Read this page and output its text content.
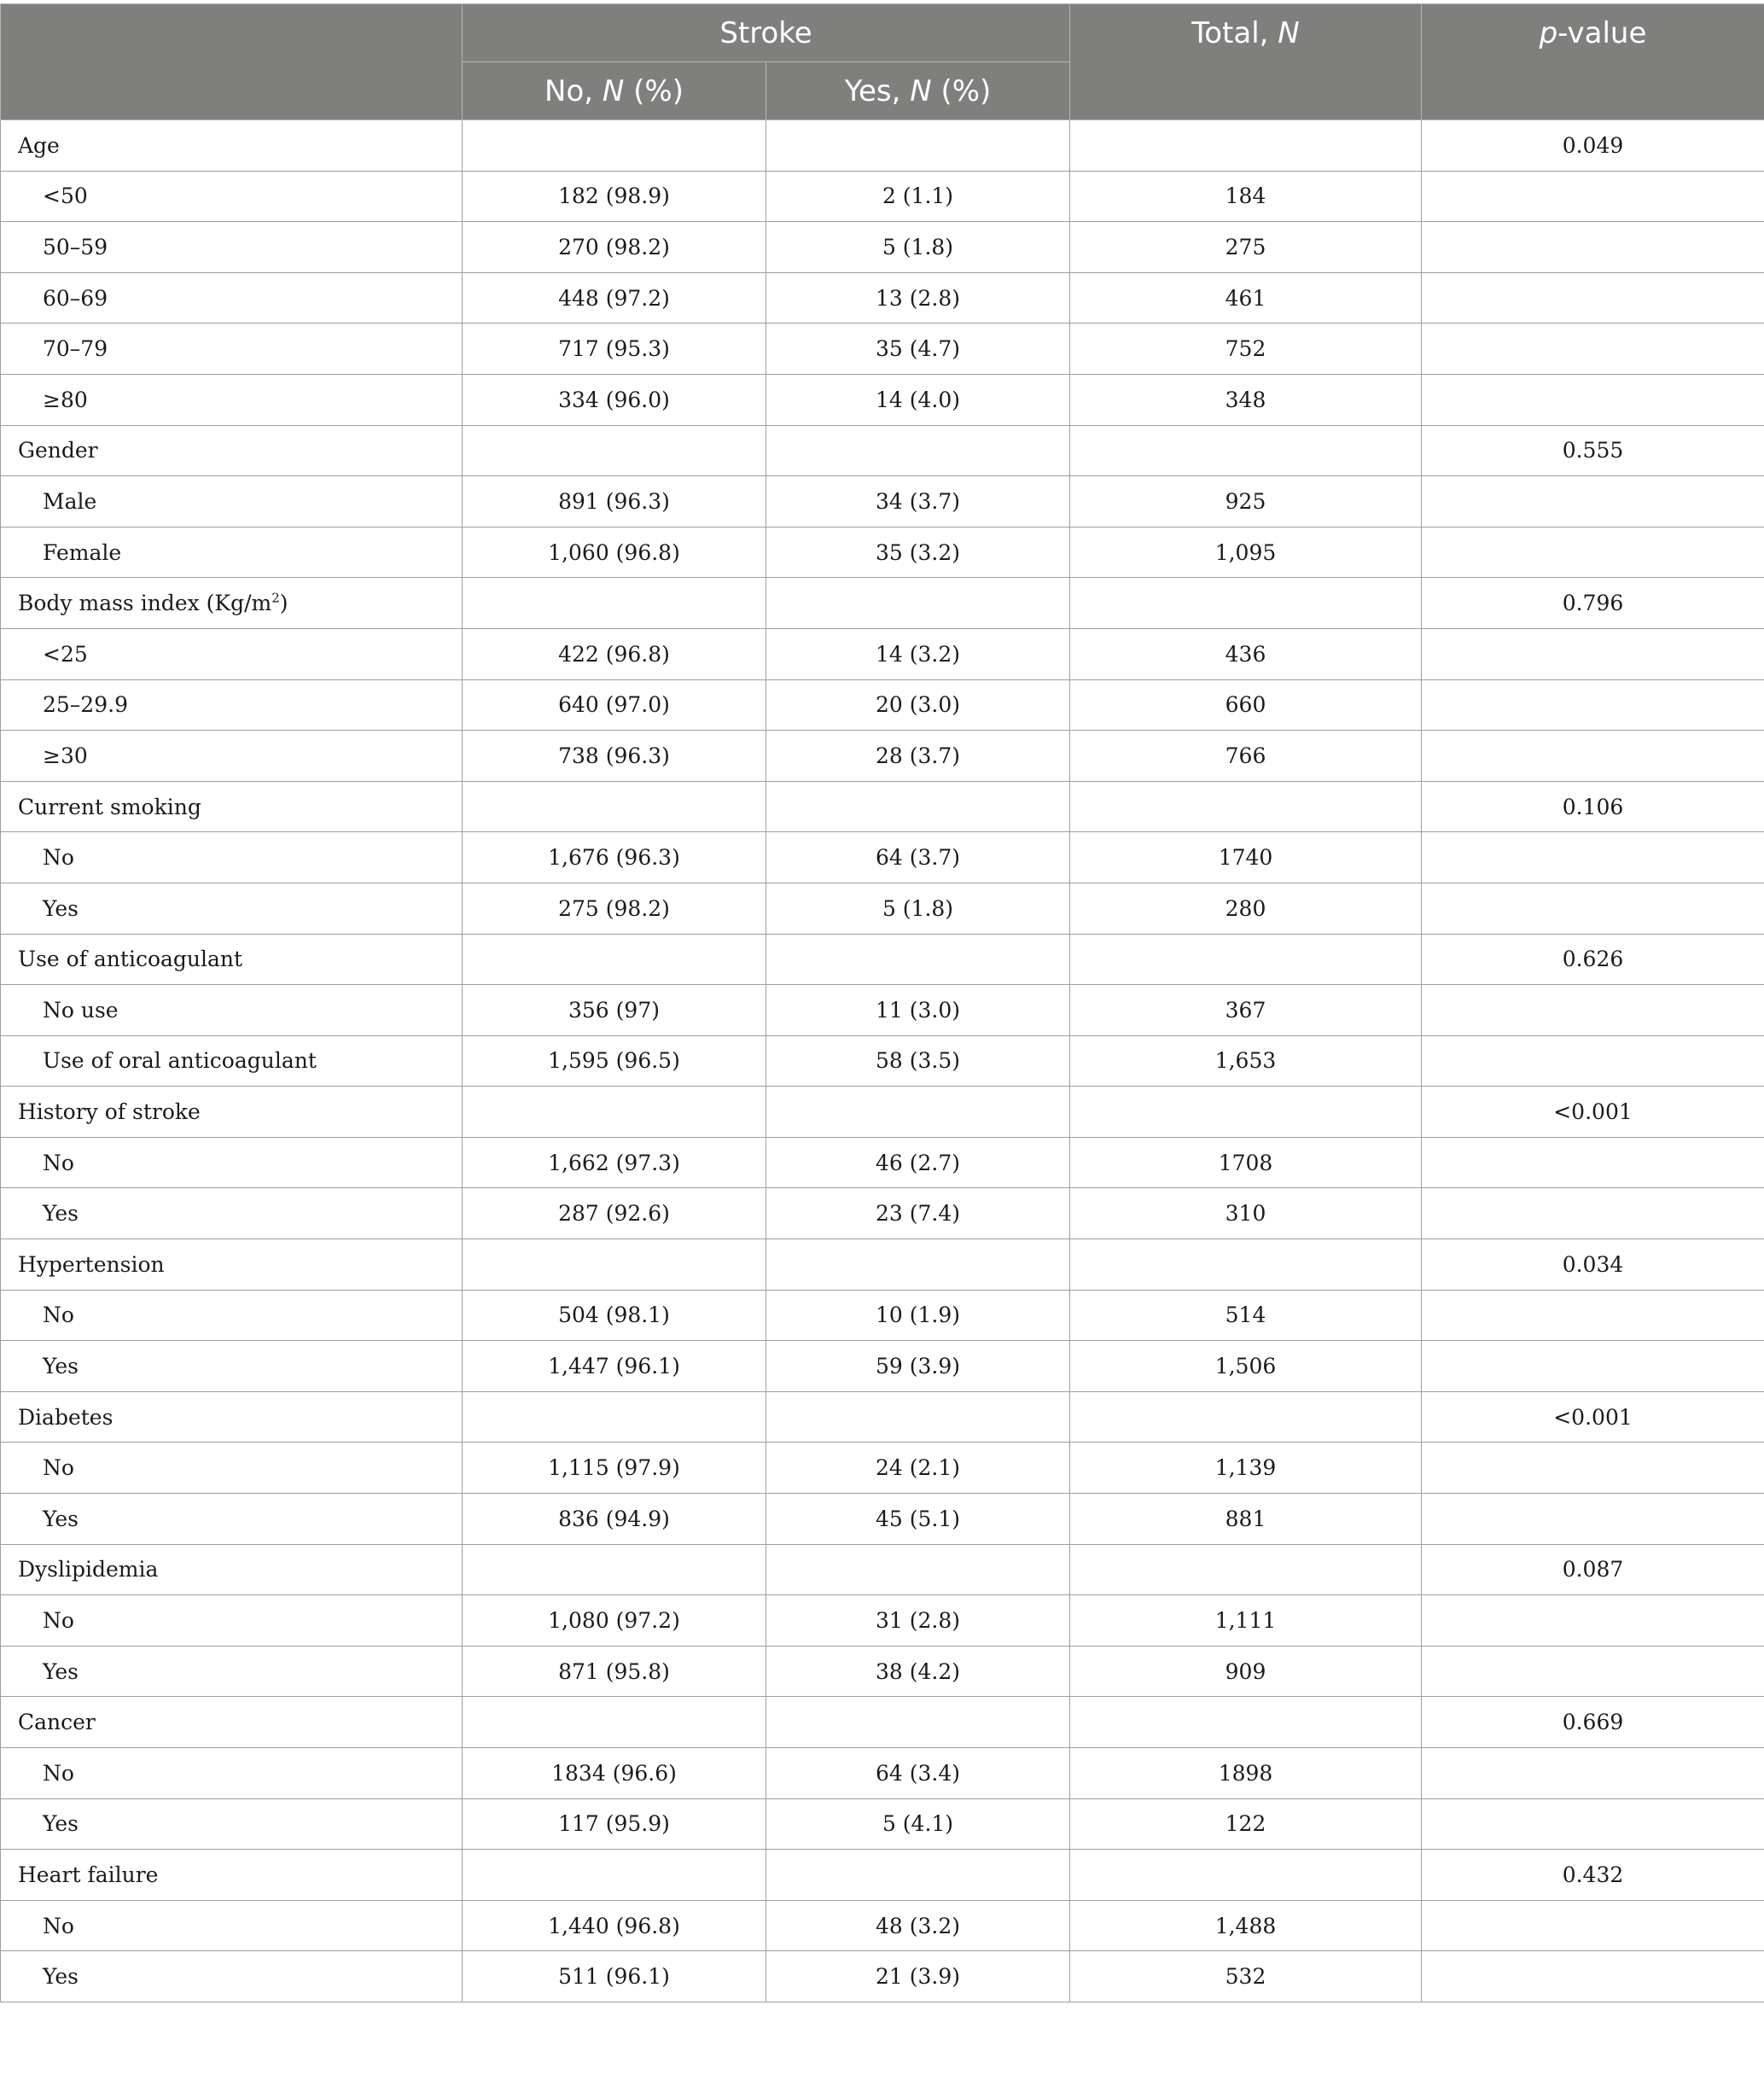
	Stroke		Total, N	p-value

	No, N (%)	Yes, N (%)		
Age				0.049
<50	182 (98.9)	2 (1.1)	184	
50–59	270 (98.2)	5 (1.8)	275	
60–69	448 (97.2)	13 (2.8)	461	
70–79	717 (95.3)	35 (4.7)	752	
≥80	334 (96.0)	14 (4.0)	348	
Gender				0.555
Male	891 (96.3)	34 (3.7)	925	
Female	1,060 (96.8)	35 (3.2)	1,095	
Body mass index $(Kg/m^2)$				0.796
<25	422 (96.8)	14 (3.2)	436	
25–29.9	640 (97.0)	20 (3.0)	660	
≥30	738 (96.3)	28 (3.7)	766	
Current smoking				0.106
No	1,676 (96.3)	64 (3.7)	1740	
Yes	275 (98.2)	5 (1.8)	280	
Use of anticoagulant				0.626
No use	356 (97)	11 (3.0)	367	
Use of oral anticoagulant	1,595 (96.5)	58 (3.5)	1,653	
History of stroke				<0.001
No	1,662 (97.3)	46 (2.7)	1708	
Yes	287 (92.6)	23 (7.4)	310	
Hypertension				0.034
No	504 (98.1)	10 (1.9)	514	
Yes	1,447 (96.1)	59 (3.9)	1,506	
Diabetes				<0.001
No	1,115 (97.9)	24 (2.1)	1,139	
Yes	836 (94.9)	45 (5.1)	881	
Dyslipidemia				0.087
No	1,080 (97.2)	31 (2.8)	1,111	
Yes	871 (95.8)	38 (4.2)	909	
Cancer				0.669
No	1834 (96.6)	64 (3.4)	1898	
Yes	117 (95.9)	5 (4.1)	122	
Heart failure				0.432
No	1,440 (96.8)	48 (3.2)	1,488	
Yes	511 (96.1)	21 (3.9)	532	
